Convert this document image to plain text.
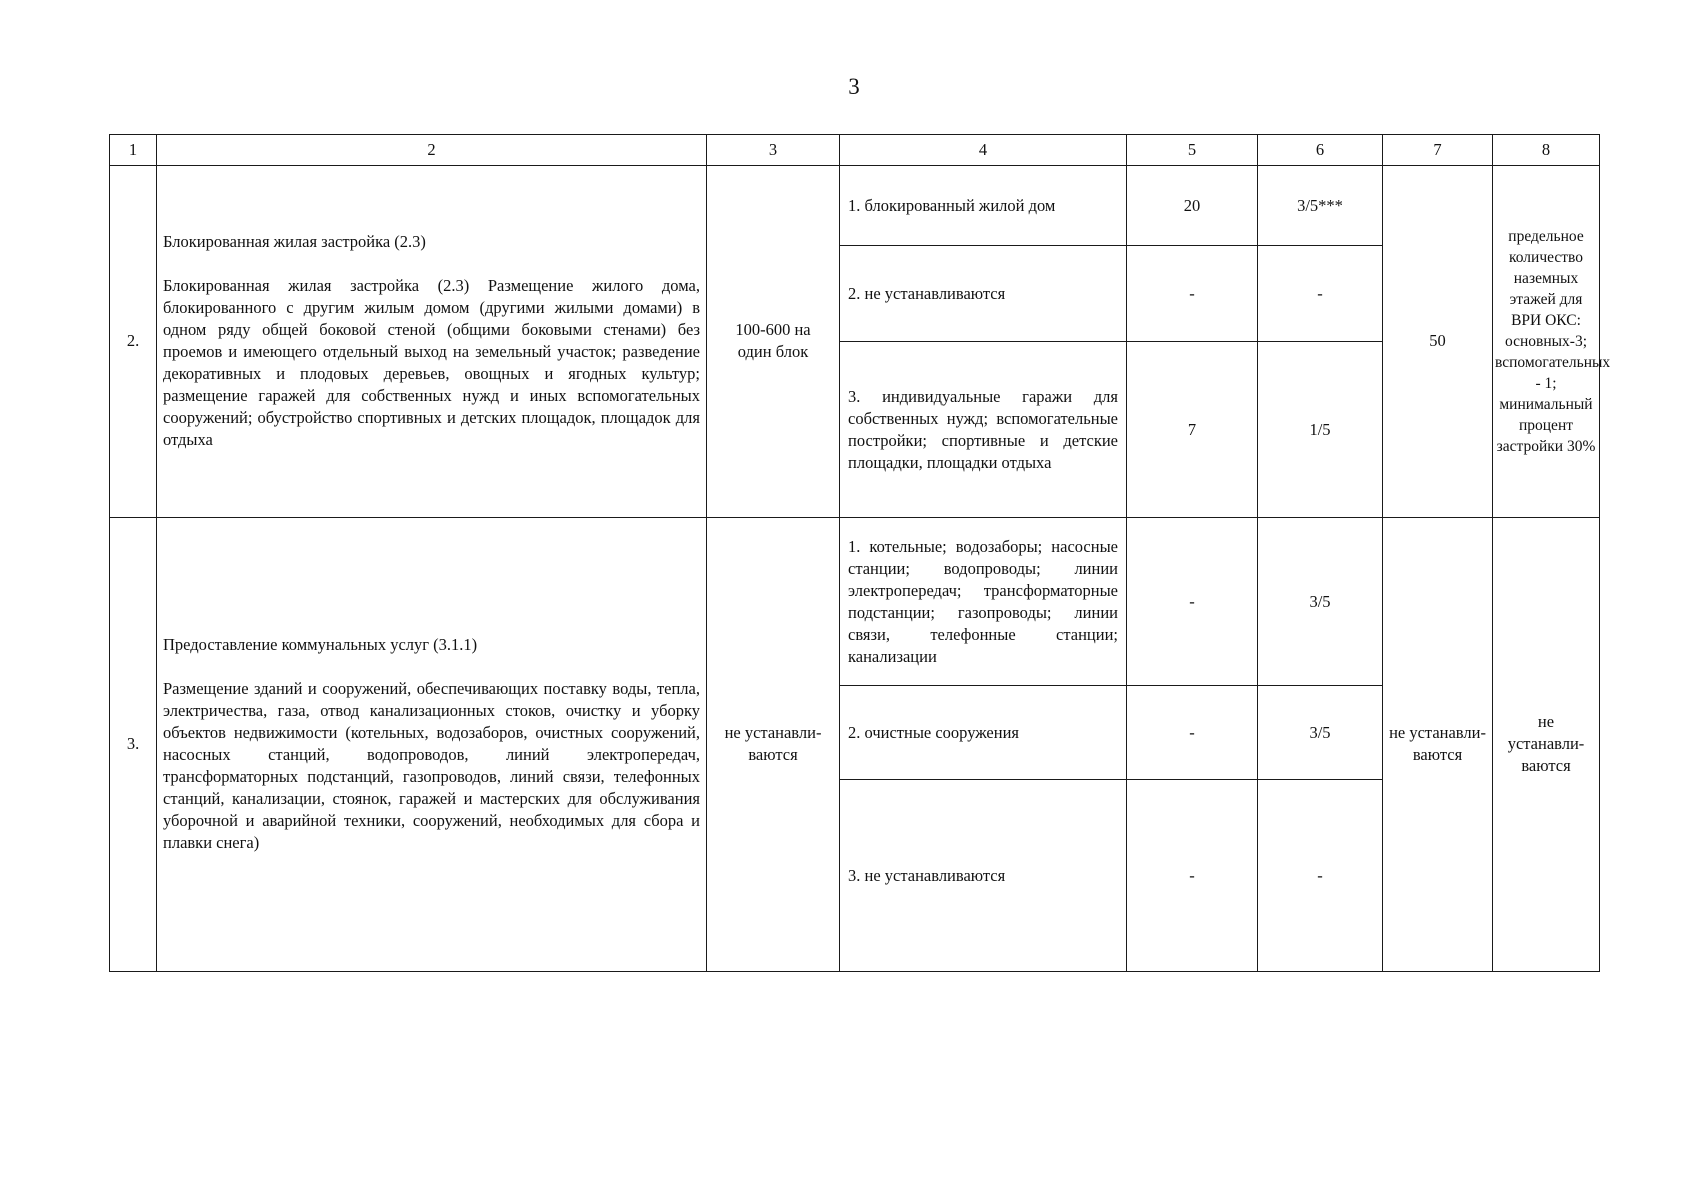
3
1	2	3	4	5	6	7	8
2.	Блокированная жилая застройка (2.3)

Блокированная жилая застройка (2.3) Размещение жилого дома, блокированного с другим жилым домом (другими жилыми домами) в одном ряду общей боковой стеной (общими боковыми стенами) без проемов и имеющего отдельный выход на земельный участок; разведение декоративных и плодовых деревьев, овощных и ягодных культур; размещение гаражей для собственных нужд и иных вспомогательных сооружений; обустройство спортивных и детских площадок, площадок для отдыха	100-600 на один блок	1. блокированный жилой дом	20	3/5***	50	предельное количество наземных этажей для ВРИ ОКС: основных-3; вспомогательных - 1; минимальный процент застройки 30%
			2. не устанавливаются	-	-		
			3. индивидуальные гаражи для собственных нужд; вспомогательные постройки; спортивные и детские площадки, площадки отдыха	7	1/5		
3.	Предоставление коммунальных услуг (3.1.1)

Размещение зданий и сооружений, обеспечивающих поставку воды, тепла, электричества, газа, отвод канализационных стоков, очистку и уборку объектов недвижимости (котельных, водозаборов, очистных сооружений, насосных станций, водопроводов, линий электропередач, трансформаторных подстанций, газопроводов, линий связи, телефонных станций, канализации, стоянок, гаражей и мастерских для обслуживания уборочной и аварийной техники, сооружений, необходимых для сбора и плавки снега)	не устанавли-ваются	1. котельные; водозаборы; насосные станции; водопроводы; линии электропередач; трансформаторные подстанции; газопроводы; линии связи, телефонные станции; канализации	-	3/5	не устанавли-ваются	не устанавли-ваются
			2. очистные сооружения	-	3/5		
			3. не устанавливаются	-	-		
